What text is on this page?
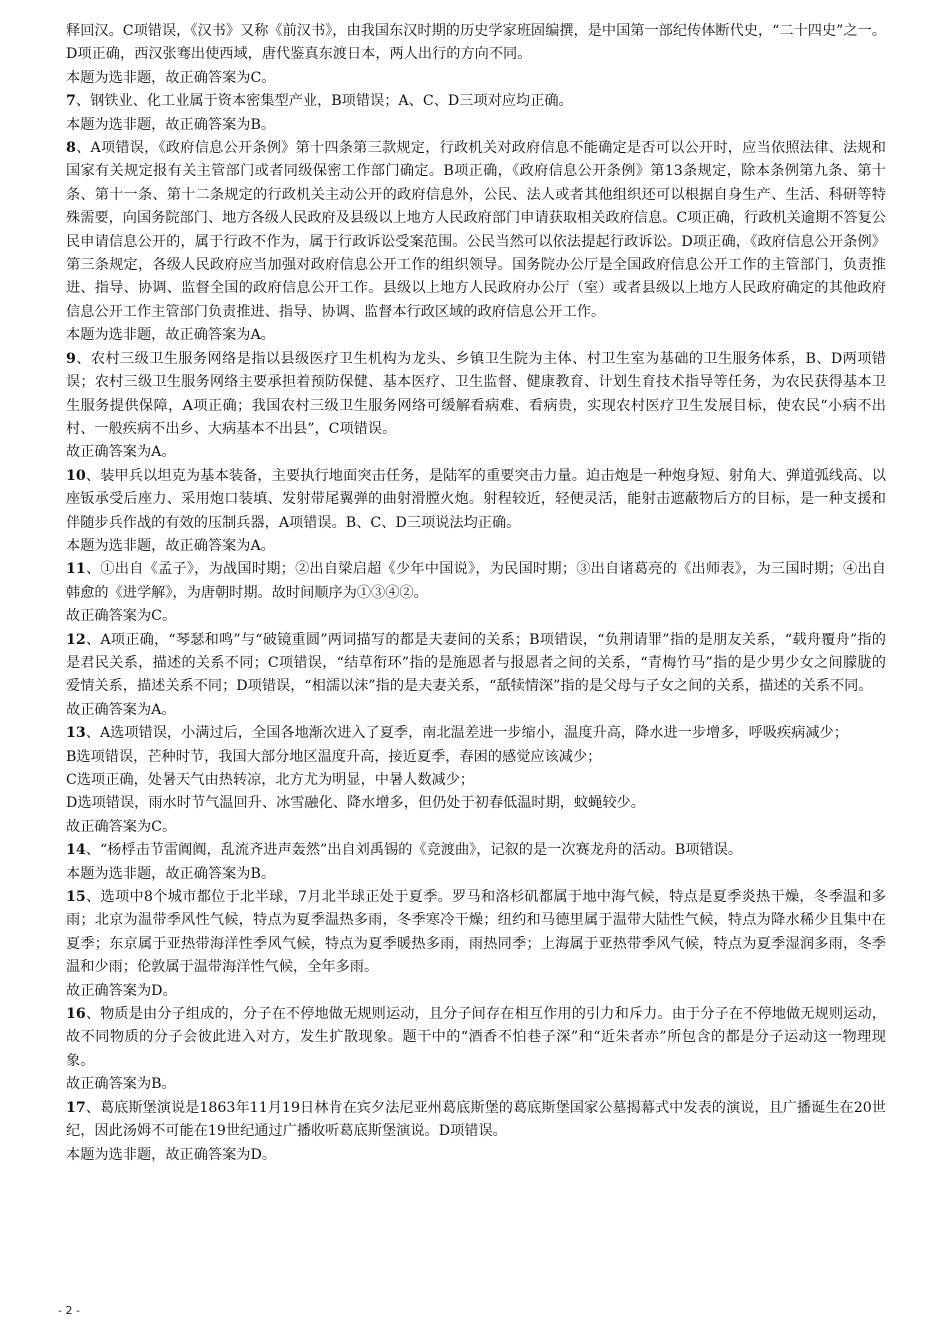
释回汉。C项错误，《汉书》又称《前汉书》，由我国东汉时期的历史学家班固编撰，是中国第一部纪传体断代史，“二十四史”之一。D项正确，西汉张骞出使西域，唐代鉴真东渡日本，两人出行的方向不同。

本题为选非题，故正确答案为C。

7、钢铁业、化工业属于资本密集型产业，B项错误；A、C、D三项对应均正确。

本题为选非题，故正确答案为B。

8、A项错误，《政府信息公开条例》第十四条第三款规定，行政机关对政府信息不能确定是否可以公开时，应当依照法律、法规和国家有关规定报有关主管部门或者同级保密工作部门确定。B项正确，《政府信息公开条例》第13条规定，除本条例第九条、第十条、第十一条、第十二条规定的行政机关主动公开的政府信息外，公民、法人或者其他组织还可以根据自身生产、生活、科研等特殊需要，向国务院部门、地方各级人民政府及县级以上地方人民政府部门申请获取相关政府信息。C项正确，行政机关逾期不答复公民申请信息公开的，属于行政不作为，属于行政诉讼受案范围。公民当然可以依法提起行政诉讼。D项正确，《政府信息公开条例》第三条规定，各级人民政府应当加强对政府信息公开工作的组织领导。国务院办公厅是全国政府信息公开工作的主管部门，负责推进、指导、协调、监督全国的政府信息公开工作。县级以上地方人民政府办公厅（室）或者县级以上地方人民政府确定的其他政府信息公开工作主管部门负责推进、指导、协调、监督本行政区域的政府信息公开工作。

本题为选非题，故正确答案为A。

9、农村三级卫生服务网络是指以县级医疗卫生机构为龙头、乡镇卫生院为主体、村卫生室为基础的卫生服务体系，B、D两项错误；农村三级卫生服务网络主要承担着预防保健、基本医疗、卫生监督、健康教育、计划生育技术指导等任务，为农民获得基本卫生服务提供保障，A项正确；我国农村三级卫生服务网络可缓解看病难、看病贵，实现农村医疗卫生发展目标，使农民“小病不出村、一般疾病不出乡、大病基本不出县”，C项错误。

故正确答案为A。

10、装甲兵以坦克为基本装备，主要执行地面突击任务，是陆军的重要突击力量。迫击炮是一种炮身短、射角大、弹道弧线高、以座钣承受后座力、采用炮口装填、发射带尾翼弹的曲射滑膛火炮。射程较近，轻便灵活，能射击遮蔽物后方的目标，是一种支援和伴随步兵作战的有效的压制兵器，A项错误。B、C、D三项说法均正确。

本题为选非题，故正确答案为A。

11、①出自《孟子》，为战国时期；②出自梁启超《少年中国说》，为民国时期；③出自诸葛亮的《出师表》，为三国时期；④出自韩愈的《进学解》，为唐朝时期。故时间顺序为①③④②。

故正确答案为C。

12、A项正确，“琴瑟和鸣”与“破镜重圆”两词描写的都是夫妻间的关系；B项错误，“负荆请罪”指的是朋友关系，“载舟覆舟”指的是君民关系，描述的关系不同；C项错误，“结草衔环”指的是施恩者与报恩者之间的关系，“青梅竹马”指的是少男少女之间朦胧的爱情关系，描述关系不同；D项错误，“相濡以沫”指的是夫妻关系，“舐犊情深”指的是父母与子女之间的关系，描述的关系不同。

故正确答案为A。

13、A选项错误，小满过后，全国各地渐次进入了夏季，南北温差进一步缩小，温度升高，降水进一步增多，呼吸疾病减少；

B选项错误，芒种时节，我国大部分地区温度升高，接近夏季，春困的感觉应该减少；

C选项正确，处暑天气由热转凉，北方尤为明显，中暑人数减少；

D选项错误，雨水时节气温回升、冰雪融化、降水增多，但仍处于初春低温时期，蚊蝇较少。

故正确答案为C。

14、“杨桴击节雷阗阗，乱流齐进声轰然”出自刘禹锡的《竞渡曲》，记叙的是一次赛龙舟的活动。B项错误。

本题为选非题，故正确答案为B。

15、选项中8个城市都位于北半球，7月北半球正处于夏季。罗马和洛杉矶都属于地中海气候，特点是夏季炎热干燥，冬季温和多雨；北京为温带季风性气候，特点为夏季温热多雨，冬季寒冷干燥；纽约和马德里属于温带大陆性气候，特点为降水稀少且集中在夏季；东京属于亚热带海洋性季风气候，特点为夏季暖热多雨，雨热同季；上海属于亚热带季风气候，特点为夏季湿润多雨，冬季温和少雨；伦敦属于温带海洋性气候，全年多雨。

故正确答案为D。

16、物质是由分子组成的，分子在不停地做无规则运动，且分子间存在相互作用的引力和斥力。由于分子在不停地做无规则运动，故不同物质的分子会彼此进入对方，发生扩散现象。题干中的“酒香不怕巷子深”和“近朱者赤”所包含的都是分子运动这一物理现象。

故正确答案为B。

17、葛底斯堡演说是1863年11月19日林肯在宾夕法尼亚州葛底斯堡的葛底斯堡国家公墓揭幕式中发表的演说，且广播诞生在20世纪，因此汤姆不可能在19世纪通过广播收听葛底斯堡演说。D项错误。

本题为选非题，故正确答案为D。

- 2 -
